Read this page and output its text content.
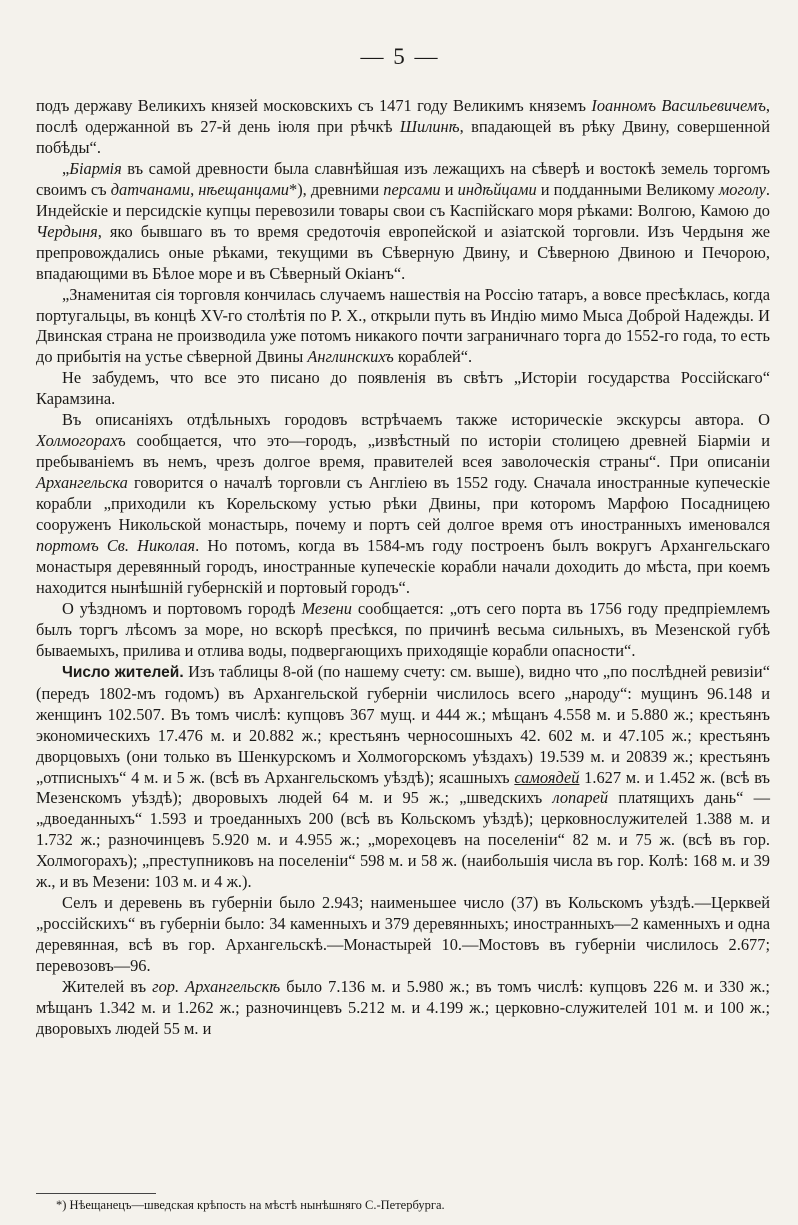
— 5 —

подъ державу Великихъ князей московскихъ съ 1471 году Великимъ княземъ Іоанномъ Васильевичемъ, послѣ одержанной въ 27-й день іюля при рѣчкѣ Шилинѣ, впадающей въ рѣку Двину, совершенной побѣды“.

„Біармія въ самой древности была славнѣйшая изъ лежащихъ на сѣверѣ и востокѣ земель торгомъ своимъ съ датчанами, нѣещанцами*), древними персами и индѣйцами и подданными Великому моголу. Индейскіе и персидскіе купцы перевозили товары свои съ Каспійскаго моря рѣками: Волгою, Камою до Чердыня, яко бывшаго въ то время средоточія европейской и азіатской торговли. Изъ Чердыня же препровождались оные рѣками, текущими въ Сѣверную Двину, и Сѣверною Двиною и Печорою, впадающими въ Бѣлое море и въ Сѣверный Окіанъ“.

„Знаменитая сія торговля кончилась случаемъ нашествія на Россію татаръ, а вовсе пресѣклась, когда португальцы, въ концѣ XV-го столѣтія по Р. Х., открыли путь въ Индію мимо Мыса Доброй Надежды. И Двинская страна не производила уже потомъ никакого почти заграничнаго торга до 1552-го года, то есть до прибытія на устье сѣверной Двины Англинскихъ кораблей“.

Не забудемъ, что все это писано до появленія въ свѣтъ „Исторіи государства Россійскаго“ Карамзина.

Въ описаніяхъ отдѣльныхъ городовъ встрѣчаемъ также историческіе экскурсы автора. О Холмогорахъ сообщается, что это—городъ, „извѣстный по исторіи столицею древней Біарміи и пребываніемъ въ немъ, чрезъ долгое время, правителей всея заволоческія страны“. При описаніи Архангельска говорится о началѣ торговли съ Англіею въ 1552 году. Сначала иностранные купеческіе корабли „приходили къ Корельскому устью рѣки Двины, при которомъ Марфою Посадницею сооруженъ Никольской монастырь, почему и портъ сей долгое время отъ иностранныхъ именовался портомъ Св. Николая. Но потомъ, когда въ 1584-мъ году построенъ былъ вокругъ Архангельскаго монастыря деревянный городъ, иностранные купеческіе корабли начали доходить до мѣста, при коемъ находится нынѣшній губернскій и портовый городъ“.

О уѣздномъ и портовомъ городѣ Мезени сообщается: „отъ сего порта въ 1756 году предпріемлемъ былъ торгъ лѣсомъ за море, но вскорѣ пресѣкся, по причинѣ весьма сильныхъ, въ Мезенской губѣ бываемыхъ, прилива и отлива воды, подвергающихъ приходящіе корабли опасности“.

Число жителей. Изъ таблицы 8-ой (по нашему счету: см. выше), видно что „по послѣдней ревизіи“ (передъ 1802-мъ годомъ) въ Архангельской губерніи числилось всего „народу“: мущинъ 96.148 и женщинъ 102.507. Въ томъ числѣ: купцовъ 367 мущ. и 444 ж.; мѣщанъ 4.558 м. и 5.880 ж.; крестьянъ экономическихъ 17.476 м. и 20.882 ж.; крестьянъ черносошныхъ 42. 602 м. и 47.105 ж.; крестьянъ дворцовыхъ (они только въ Шенкурскомъ и Холмогорскомъ уѣздахъ) 19.539 м. и 20839 ж.; крестьянъ „отписныхъ“ 4 м. и 5 ж. (всѣ въ Архангельскомъ уѣздѣ); ясашныхъ самоядей 1.627 м. и 1.452 ж. (всѣ въ Мезенскомъ уѣздѣ); дворовыхъ людей 64 м. и 95 ж.; „шведскихъ лопарей платящихъ дань“ —„двоеданныхъ“ 1.593 и троеданныхъ 200 (всѣ въ Кольскомъ уѣздѣ); церковнослужителей 1.388 м. и 1.732 ж.; разночинцевъ 5.920 м. и 4.955 ж.; „морехоцевъ на поселеніи“ 82 м. и 75 ж. (всѣ въ гор. Холмогорахъ); „преступниковъ на поселеніи“ 598 м. и 58 ж. (наибольшія числа въ гор. Колѣ: 168 м. и 39 ж., и въ Мезени: 103 м. и 4 ж.).

Селъ и деревень въ губерніи было 2.943; наименьшее число (37) въ Кольскомъ уѣздѣ.—Церквей „россійскихъ“ въ губерніи было: 34 каменныхъ и 379 деревянныхъ; иностранныхъ—2 каменныхъ и одна деревянная, всѣ въ гор. Архангельскѣ.—Монастырей 10.—Мостовъ въ губерніи числилось 2.677; перевозовъ—96.

Жителей въ гор. Архангельскѣ было 7.136 м. и 5.980 ж.; въ томъ числѣ: купцовъ 226 м. и 330 ж.; мѣщанъ 1.342 м. и 1.262 ж.; разночинцевъ 5.212 м. и 4.199 ж.; церковно-служителей 101 м. и 100 ж.; дворовыхъ людей 55 м. и

*) Нѣещанецъ—шведская крѣпость на мѣстѣ нынѣшняго С.-Петербурга.
